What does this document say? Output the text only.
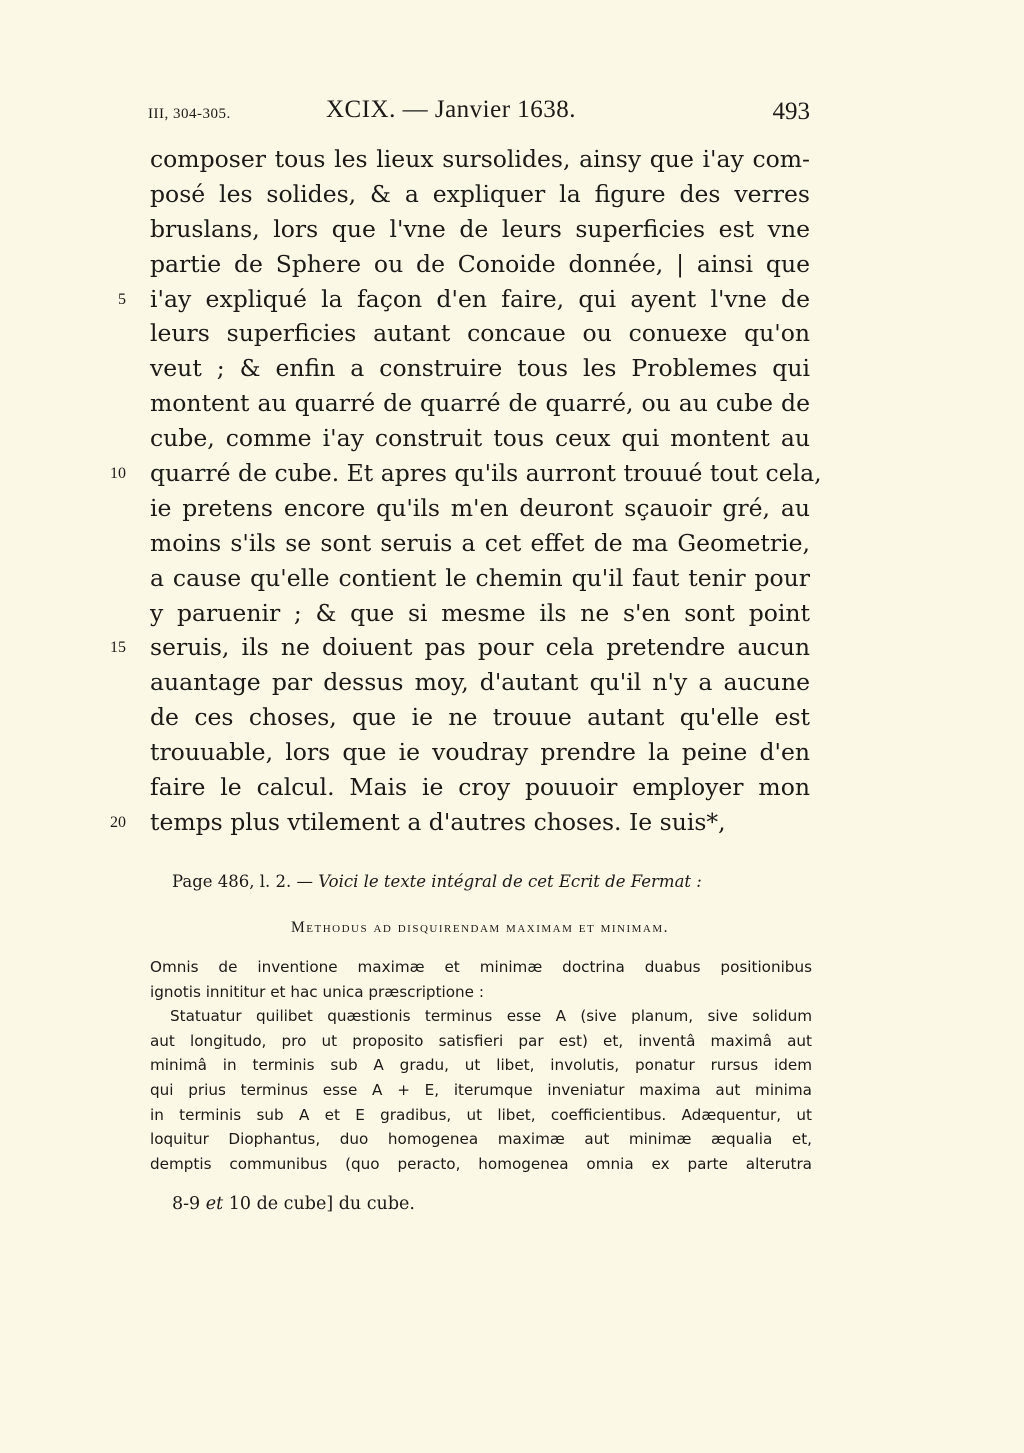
III, 304-305.	XCIX. — Janvier 1638.	493
composer tous les lieux sursolides, ainsy que i'ay com-
posé les solides, & a expliquer la figure des verres
bruslans, lors que l'vne de leurs superficies est vne
partie de Sphere ou de Conoide donnée, | ainsi que
5 i'ay expliqué la façon d'en faire, qui ayent l'vne de
leurs superficies autant concaue ou conuexe qu'on
veut ; & enfin a construire tous les Problemes qui
montent au quarré de quarré de quarré, ou au cube de
cube, comme i'ay construit tous ceux qui montent au
10 quarré de cube. Et apres qu'ils aurront trouué tout cela,
ie pretens encore qu'ils m'en deuront sçauoir gré, au
moins s'ils se sont seruis a cet effet de ma Geometrie,
a cause qu'elle contient le chemin qu'il faut tenir pour
y paruenir ; & que si mesme ils ne s'en sont point
15 seruis, ils ne doiuent pas pour cela pretendre aucun
auantage par dessus moy, d'autant qu'il n'y a aucune
de ces choses, que ie ne trouue autant qu'elle est
trouuable, lors que ie voudray prendre la peine d'en
faire le calcul. Mais ie croy pouuoir employer mon
20 temps plus vtilement a d'autres choses. Ie suis*,
Page 486, l. 2. — Voici le texte intégral de cet Ecrit de Fermat :
Methodus ad disquirendam maximam et minimam.
Omnis de inventione maximæ et minimæ doctrina duabus positionibus
ignotis innititur et hac unica præscriptione :
Statuatur quilibet quæstionis terminus esse A (sive planum, sive solidum
aut longitudo, pro ut proposito satisfieri par est) et, inventâ maximâ aut
minimâ in terminis sub A gradu, ut libet, involutis, ponatur rursus idem
qui prius terminus esse A + E, iterumque inveniatur maxima aut minima
in terminis sub A et E gradibus, ut libet, coefficientibus. Adæquentur, ut
loquitur Diophantus, duo homogenea maximæ aut minimæ æqualia et,
demptis communibus (quo peracto, homogenea omnia ex parte alterutra
8-9 et 10 de cube] du cube.
